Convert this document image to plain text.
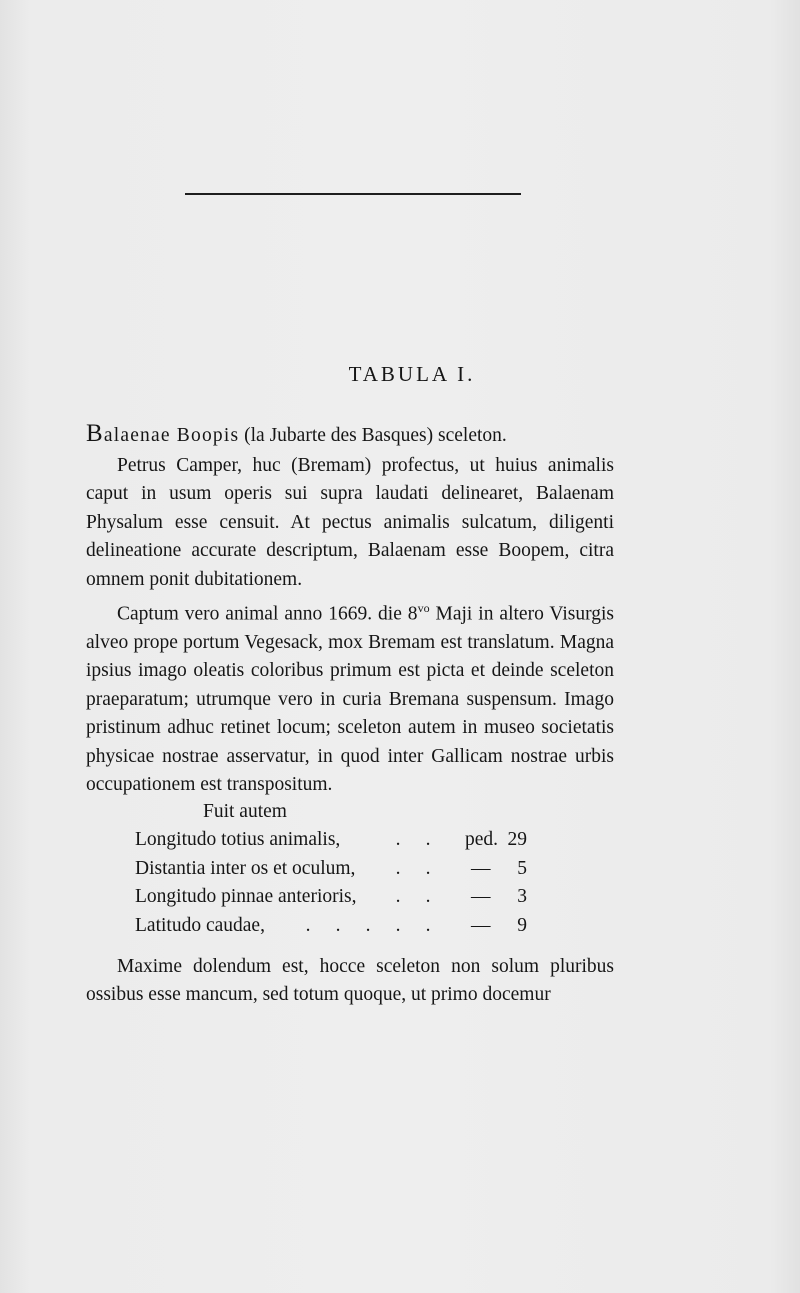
TABULA I.
Balaenae Boopis (la Jubarte des Basques) sceleton.
Petrus Camper, huc (Bremam) profectus, ut huius animalis caput in usum operis sui supra laudati delinearet, Balaenam Physalum esse censuit. At pectus animalis sulcatum, diligenti delineatione accurate descriptum, Balaenam esse Boopem, citra omnem ponit dubitationem.
Captum vero animal anno 1669. die $8^{vo}$ Maji in altero Visurgis alveo prope portum Vegesack, mox Bremam est translatum. Magna ipsius imago oleatis coloribus primum est picta et deinde sceleton praeparatum; utrumque vero in curia Bremana suspensum. Imago pristinum adhuc retinet locum; sceleton autem in museo societatis physicae nostrae asservatur, in quod inter Gallicam nostrae urbis occupationem est transpositum.
Fuit autem
Longitudo totius animalis,	. .	ped. 29
Distantia inter os et oculum,	. .	—	5
Longitudo pinnae anterioris,	. .	—	3
Latitudo caudae,	. . . . .	—	9
Maxime dolendum est, hocce sceleton non solum pluribus ossibus esse mancum, sed totum quoque, ut primo docemur
